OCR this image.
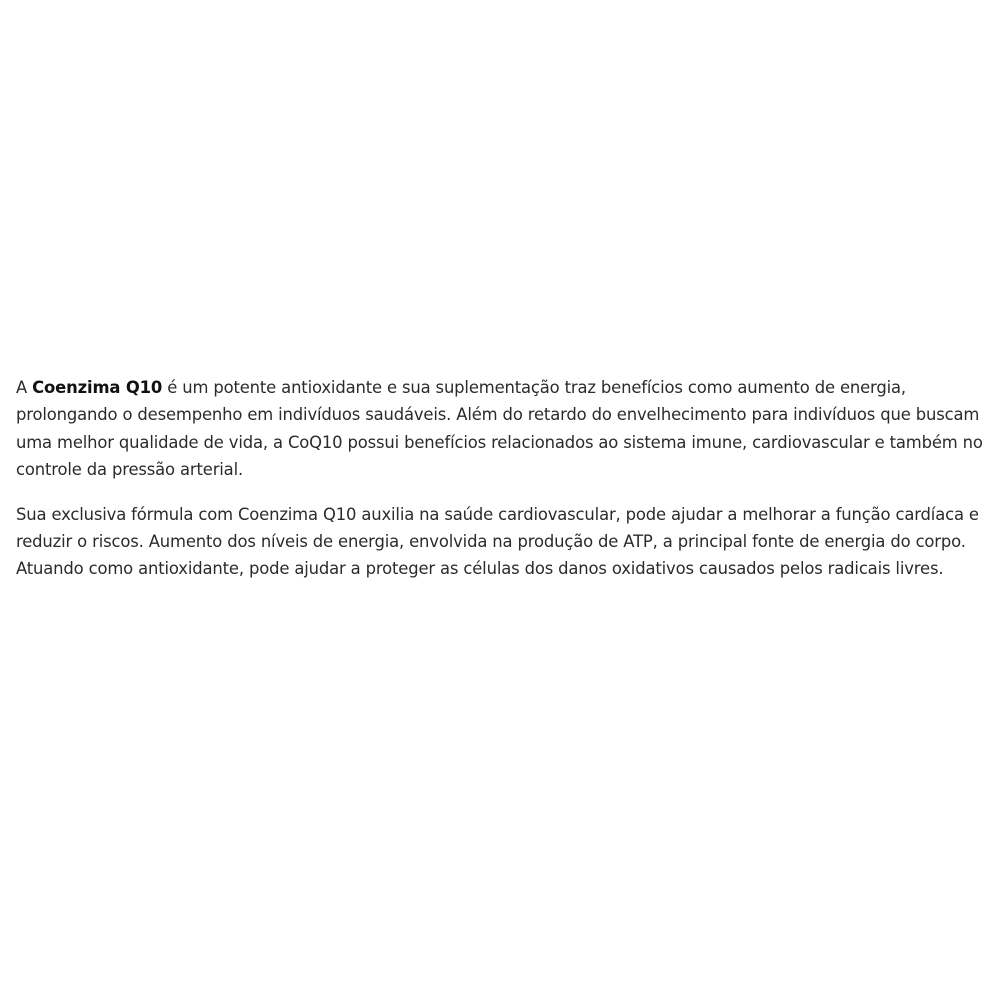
A Coenzima Q10 é um potente antioxidante e sua suplementação traz benefícios como aumento de energia, prolongando o desempenho em indivíduos saudáveis. Além do retardo do envelhecimento para indivíduos que buscam uma melhor qualidade de vida, a CoQ10 possui benefícios relacionados ao sistema imune, cardiovascular e também no controle da pressão arterial.

Sua exclusiva fórmula com Coenzima Q10 auxilia na saúde cardiovascular, pode ajudar a melhorar a função cardíaca e reduzir o riscos. Aumento dos níveis de energia, envolvida na produção de ATP, a principal fonte de energia do corpo.

Atuando como antioxidante, pode ajudar a proteger as células dos danos oxidativos causados pelos radicais livres.
